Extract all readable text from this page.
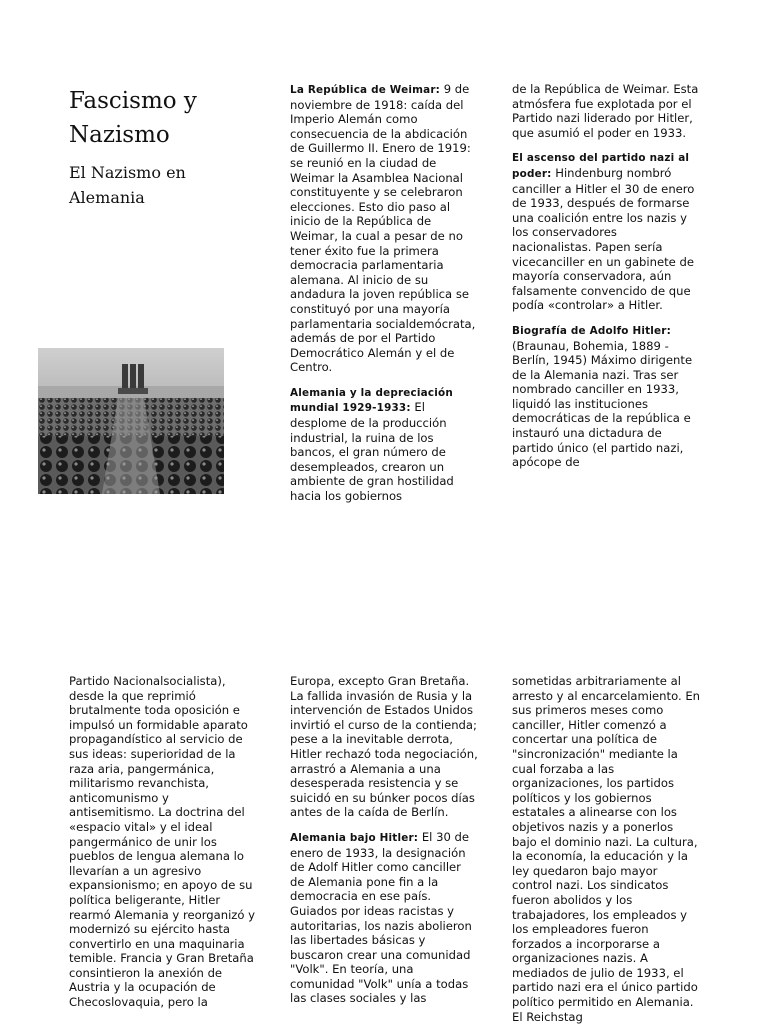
Fascismo y Nazismo
El Nazismo en Alemania

La República de Weimar: 9 de noviembre de 1918: caída del Imperio Alemán como consecuencia de la abdicación de Guillermo II. Enero de 1919: se reunió en la ciudad de Weimar la Asamblea Nacional constituyente y se celebraron elecciones. Esto dio paso al inicio de la República de Weimar, la cual a pesar de no tener éxito fue la primera democracia parlamentaria alemana. Al inicio de su andadura la joven república se constituyó por una mayoría parlamentaria socialdemócrata, además de por el Partido Democrático Alemán y el de Centro.

Alemania y la depreciación mundial 1929-1933: El desplome de la producción industrial, la ruina de los bancos, el gran número de desempleados, crearon un ambiente de gran hostilidad hacia los gobiernos

de la República de Weimar. Esta atmósfera fue explotada por el Partido nazi liderado por Hitler, que asumió el poder en 1933.

El ascenso del partido nazi al poder: Hindenburg nombró canciller a Hitler el 30 de enero de 1933, después de formarse una coalición entre los nazis y los conservadores nacionalistas. Papen sería vicecanciller en un gabinete de mayoría conservadora, aún falsamente convencido de que podía «controlar» a Hitler.

Biografía de Adolfo Hitler: (Braunau, Bohemia, 1889 - Berlín, 1945) Máximo dirigente de la Alemania nazi. Tras ser nombrado canciller en 1933, liquidó las instituciones democráticas de la república e instauró una dictadura de partido único (el partido nazi, apócope de

Partido Nacionalsocialista), desde la que reprimió brutalmente toda oposición e impulsó un formidable aparato propagandístico al servicio de sus ideas: superioridad de la raza aria, pangermánica, militarismo revanchista, anticomunismo y antisemitismo. La doctrina del «espacio vital» y el ideal pangermánico de unir los pueblos de lengua alemana lo llevarían a un agresivo expansionismo; en apoyo de su política beligerante, Hitler rearmó Alemania y reorganizó y modernizó su ejército hasta convertirlo en una maquinaria temible. Francia y Gran Bretaña consintieron la anexión de Austria y la ocupación de Checoslovaquia, pero la

Europa, excepto Gran Bretaña. La fallida invasión de Rusia y la intervención de Estados Unidos invirtió el curso de la contienda; pese a la inevitable derrota, Hitler rechazó toda negociación, arrastró a Alemania a una desesperada resistencia y se suicidó en su búnker pocos días antes de la caída de Berlín.

Alemania bajo Hitler: El 30 de enero de 1933, la designación de Adolf Hitler como canciller de Alemania pone fin a la democracia en ese país. Guiados por ideas racistas y autoritarias, los nazis abolieron las libertades básicas y buscaron crear una comunidad "Volk". En teoría, una comunidad "Volk" unía a todas las clases sociales y las

sometidas arbitrariamente al arresto y al encarcelamiento. En sus primeros meses como canciller, Hitler comenzó a concertar una política de "sincronización" mediante la cual forzaba a las organizaciones, los partidos políticos y los gobiernos estatales a alinearse con los objetivos nazis y a ponerlos bajo el dominio nazi. La cultura, la economía, la educación y la ley quedaron bajo mayor control nazi. Los sindicatos fueron abolidos y los trabajadores, los empleados y los empleadores fueron forzados a incorporarse a organizaciones nazis. A mediados de julio de 1933, el partido nazi era el único partido político permitido en Alemania. El Reichstag
